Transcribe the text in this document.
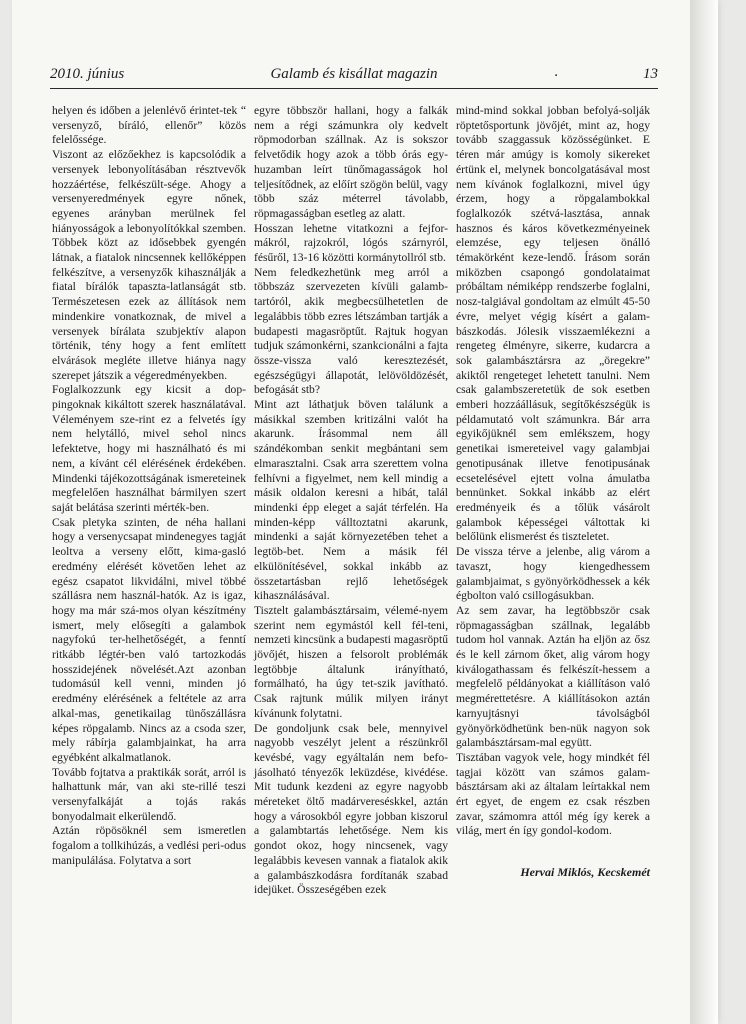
2010. június	Galamb és kisállat magazin	.	13

helyen és időben a jelenlévő érintet-tek “ versenyző, bíráló, ellenőr” közös felelőssége.

Viszont az előzőekhez is kapcsolódik a versenyek lebonyolításában résztvevők hozzáértése, felkészült-sége. Ahogy a versenyeredmények egyre nőnek, egyenes arányban merülnek fel hiányosságok a lebonyolítókkal szemben. Többek közt az idősebbek gyengén látnak, a fiatalok nincsennek kellőképpen felkészítve, a versenyzők kihasználják a fiatal bírálók tapaszta-latlanságát stb. Természetesen ezek az állítások nem mindenkire vonatkoznak, de mivel a versenyek bírálata szubjektív alapon történik, tény hogy a fent említett elvárások megléte illetve hiánya nagy szerepet játszik a végeredményekben.

Foglalkozzunk egy kicsit a dop-pingoknak kikáltott szerek használatával. Véleményem sze-rint ez a felvetés így nem helytálló, mivel sehol nincs lefektetve, hogy mi használható és mi nem, a kívánt cél elérésének érdekében. Mindenki tájékozottságának ismereteinek megfelelően használhat bármilyen szert saját belátása szerinti mérték-ben.

Csak pletyka szinten, de néha hallani hogy a versenycsapat mindenegyes tagját leoltva a verseny előtt, kima-gasló eredmény elérését követően lehet az egész csapatot likvidálni, mivel többé szállásra nem használ-hatók. Az is igaz, hogy ma már szá-mos olyan készítmény ismert, mely elősegíti a galambok nagyfokú ter-helhetőségét, a fenntí ritkább légtér-ben való tartozkodás hosszidejének növelését.Azt azonban tudomásúl kell venni, minden jó eredmény elérésének a feltétele az arra alkal-mas, genetikailag tünőszállásra képes röpgalamb. Nincs az a csoda szer, mely rábírja galambjainkat, ha arra egyébként alkalmatlanok.

Tovább fojtatva a praktikák sorát, arról is halhattunk már, van aki ste-rillé teszi versenyfalkáját a tojás rakás bonyodalmait elkerülendő.

Aztán röpösöknél sem ismeretlen fogalom a tollkihúzás, a vedlési peri-odus manipulálása. Folytatva a sort

egyre többször hallani, hogy a falkák nem a régi számunkra oly kedvelt röpmodorban szállnak. Az is sokszor felvetődik hogy azok a több órás egy-huzamban leírt tünőmagasságok hol teljesítődnek, az előírt szögön belül, vagy több száz méterrel távolabb, röpmagasságban esetleg az alatt.

Hosszan lehetne vitatkozni a fejfor-mákról, rajzokról, lógós szárnyról, fésűről, 13-16 közötti kormánytollról stb.

Nem feledkezhetünk meg arról a többszáz szervezeten kívüli galamb-tartóról, akik megbecsülhetetlen de legalábbis több ezres létszámban tartják a budapesti magasröptűt. Rajtuk hogyan tudjuk számonkérni, szankcionálni a fajta össze-vissza való keresztezését, egészségügyi állapotát, lelövöldözését, befogását stb?

Mint azt láthatjuk böven találunk a másikkal szemben kritizálni valót ha akarunk. Írásommal nem áll szándékomban senkit megbántani sem elmarasztalni. Csak arra szerettem volna felhívni a figyelmet, nem kell mindig a másik oldalon keresni a hibát, talál mindenki épp eleget a saját térfelén. Ha minden-képp válltoztatni akarunk, mindenki a saját környezetében tehet a legtöb-bet. Nem a másik fél elkülönítésével, sokkal inkább az összetartásban rejlő lehetőségek kihasználásával.

Tisztelt galambásztársaim, vélemé-nyem szerint nem egymástól kell fél-teni, nemzeti kincsünk a budapesti magasröptű jövőjét, hiszen a felsorolt problémák legtöbbje általunk irányítható, formálható, ha úgy tet-szik javítható. Csak rajtunk múlik milyen irányt kívánunk folytatni.

De gondoljunk csak bele, mennyivel nagyobb veszélyt jelent a részünkről kevésbé, vagy egyáltalán nem befo-jásolható tényezők leküzdése, kivédése. Mit tudunk kezdeni az egyre nagyobb méreteket öltő madárvereséskkel, aztán hogy a városokból egyre jobban kiszorul a galambtartás lehetősége. Nem kis gondot okoz, hogy nincsenek, vagy legalábbis kevesen vannak a fiatalok akik a galambászkodásra fordítanák szabad idejüket. Összeségében ezek

mind-mind sokkal jobban befolyá-solják röptetősportunk jövőjét, mint az, hogy tovább szaggassuk közösségünket. E téren már amúgy is komoly sikereket értünk el, melynek boncolgatásával most nem kívánok foglalkozni, mivel úgy érzem, hogy a röpgalambokkal foglalkozók szétvá-lasztása, annak hasznos és káros következményeinek elemzése, egy teljesen önálló témakörként keze-lendő. Írásom során miközben csapongó gondolataimat próbáltam némiképp rendszerbe foglalni, nosz-talgiával gondoltam az elmúlt 45-50 évre, melyet végig kísért a galam-bászkodás. Jólesik visszaemlékezni a rengeteg élményre, sikerre, kudarcra a sok galambásztársra az „öregekre” akiktől rengeteget lehetett tanulni. Nem csak galambszeretetük de sok esetben emberi hozzáállásuk, segítőkészségük is példamutató volt számunkra. Bár arra egyikőjüknél sem emlékszem, hogy genetikai ismereteivel vagy galambjai genotipusának illetve fenotipusának ecsetelésével ejtett volna ámulatba bennünket. Sokkal inkább az elért eredményeik és a tőlük vásárolt galambok képességei váltottak ki belőlünk elismerést és tiszteletet.

De vissza térve a jelenbe, alig várom a tavaszt, hogy kiengedhessem galambjaimat, s gyönyörködhessek a kék égbolton való csillogásukban.

Az sem zavar, ha legtöbbször csak röpmagasságban szállnak, legalább tudom hol vannak. Aztán ha eljön az ősz és le kell zárnom őket, alig várom hogy kiválogathassam és felkészít-hessem a megfelelő példányokat a kiállításon való megmérettetésre. A kiállításokon aztán karnyujtásnyi távolságból gyönyörködhetünk ben-nük nagyon sok galambásztársam-mal együtt.

Tisztában vagyok vele, hogy mindkét fél tagjai között van számos galam-básztársam aki az általam leírtakkal nem ért egyet, de engem ez csak részben zavar, számomra attól még így kerek a világ, mert én így gondol-kodom.

Hervai Miklós, Kecskemét
